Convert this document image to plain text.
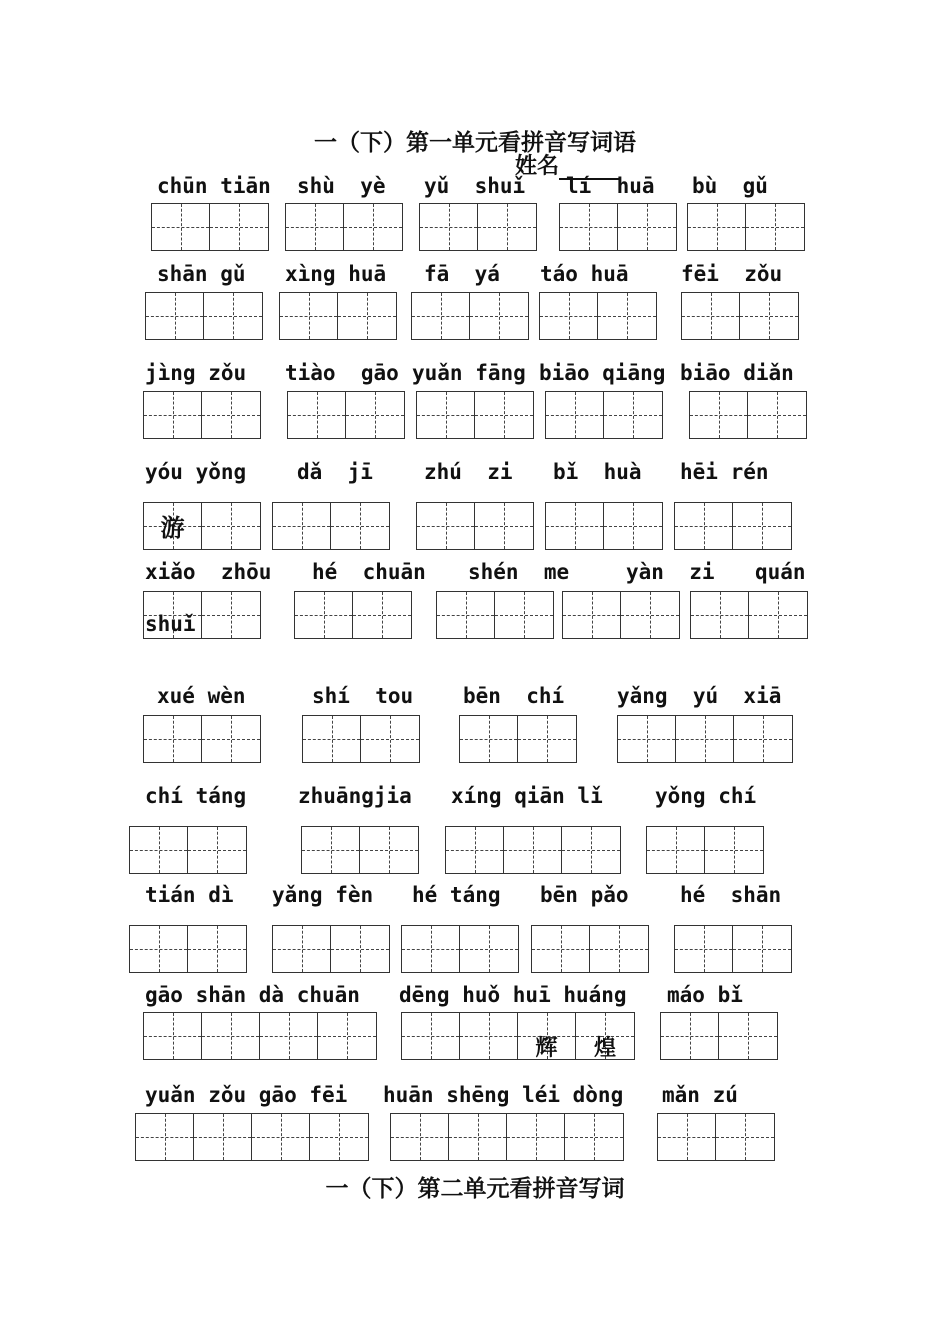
一（下）第一单元看拼音写词语
姓名
chūn tiān shù  yè yǔ  shuǐ lí  huā bù  gǔ
shān gǔ xìng huā fā  yá táo huā fēi  zǒu
jìng zǒu tiào  gāo yuǎn fāng biāo qiāng biāo diǎn
yóu yǒng
游
dǎ  jī zhú  zi bǐ  huà hēi rén
xiǎo  zhōu
shuǐ
hé  chuān shén  me	yàn  zi quán
xué wèn	shí  tou bēn  chí	yǎng  yú  xiā
chí táng zhuāngjia xíng qiān lǐ yǒng chí
tián dì yǎng fèn hé táng bēn pǎo hé  shān
gāo shān dà chuān dēng huǒ huī huáng
辉	煌
máo bǐ
yuǎn zǒu gāo fēi huān shēng léi dòng mǎn zú
一（下）第二单元看拼音写词
